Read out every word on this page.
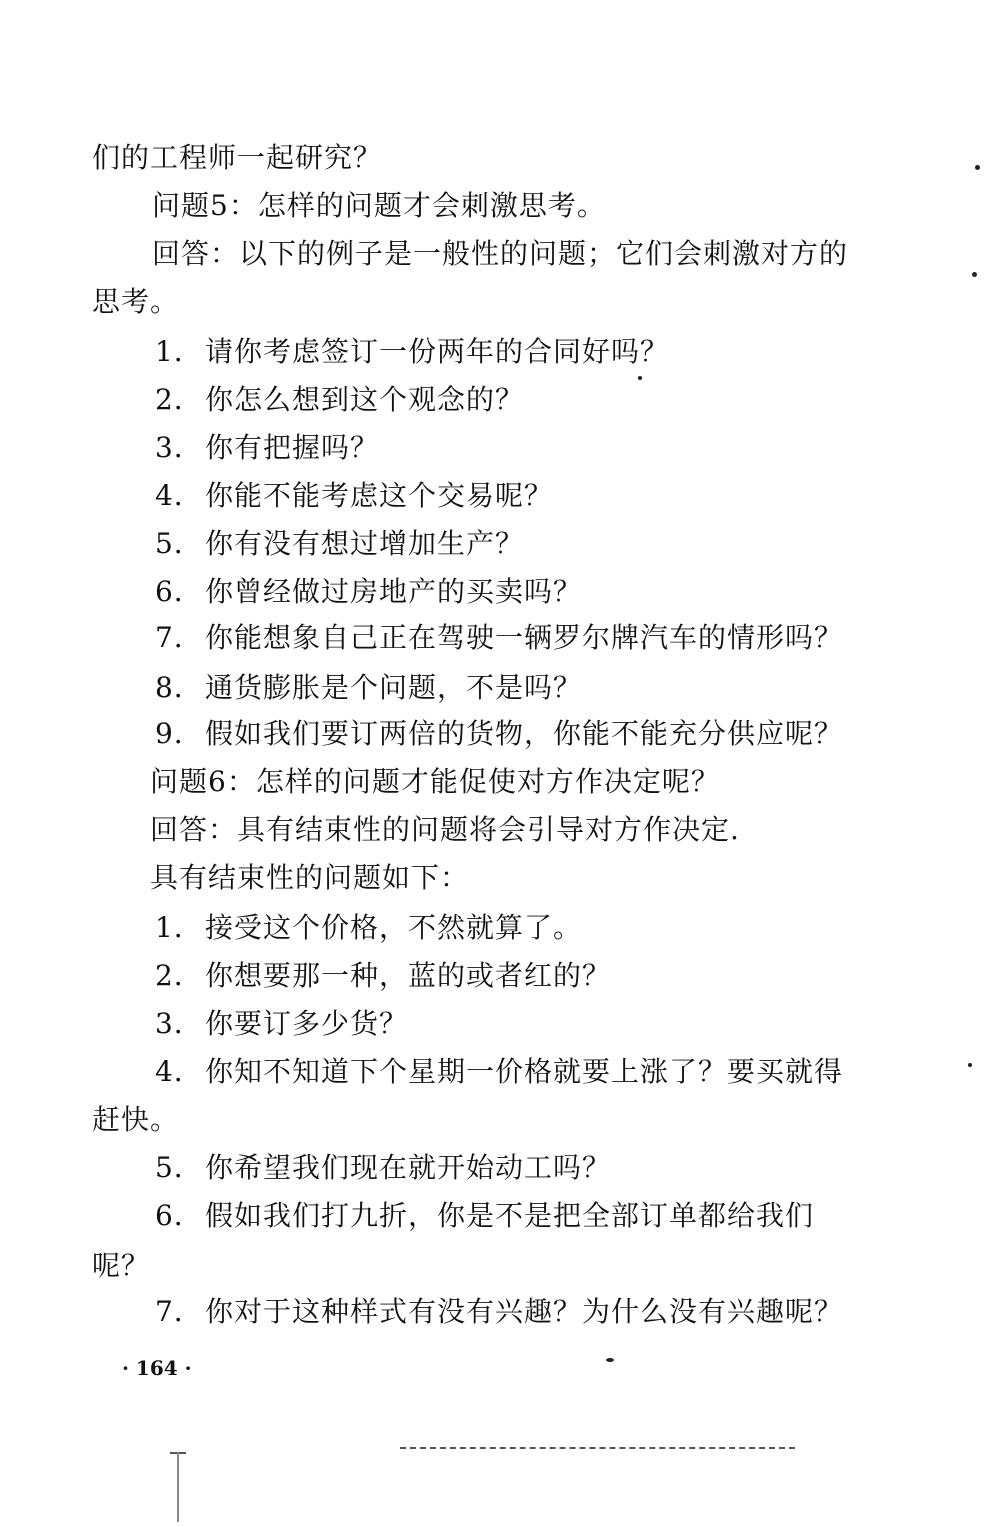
们的工程师一起研究？
问题5：怎样的问题才会刺激思考。
回答：以下的例子是一般性的问题；它们会刺激对方的
思考。
1．请你考虑签订一份两年的合同好吗？
2．你怎么想到这个观念的？
3．你有把握吗？
4．你能不能考虑这个交易呢？
5．你有没有想过增加生产？
6．你曾经做过房地产的买卖吗？
7．你能想象自己正在驾驶一辆罗尔牌汽车的情形吗？
8．通货膨胀是个问题，不是吗？
9．假如我们要订两倍的货物，你能不能充分供应呢？
问题6：怎样的问题才能促使对方作决定呢？
回答：具有结束性的问题将会引导对方作决定.
具有结束性的问题如下：
1．接受这个价格，不然就算了。
2．你想要那一种，蓝的或者红的？
3．你要订多少货？
4．你知不知道下个星期一价格就要上涨了？要买就得
赶快。
5．你希望我们现在就开始动工吗？
6．假如我们打九折，你是不是把全部订单都给我们
呢？
7．你对于这种样式有没有兴趣？为什么没有兴趣呢？
· 164 ·
